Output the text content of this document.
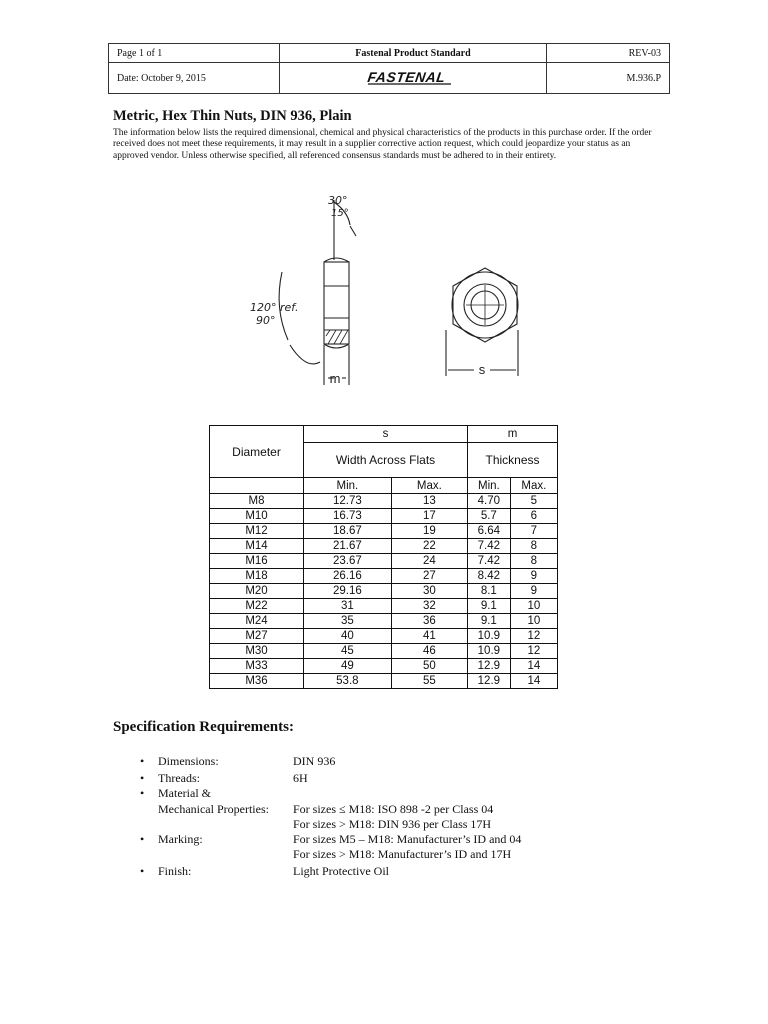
Page 1 of 1	Fastenal Product Standard	REV-03
Date: October 9, 2015	FASTENAL	M.936.P
Metric, Hex Thin Nuts, DIN 936, Plain

The information below lists the required dimensional, chemical and physical characteristics of the products in this purchase order. If the order received does not meet these requirements, it may result in a supplier corrective action request, which could jeopardize your status as an approved vendor. Unless otherwise specified, all referenced consensus standards must be adhered to in their entirety.

30°
15°
120° ref.
90°
m
s
Diameter	s		m	
	Width Across Flats		Thickness	
	Min.	Max.	Min.	Max.
M8	12.73	13	4.70	5
M10	16.73	17	5.7	6
M12	18.67	19	6.64	7
M14	21.67	22	7.42	8
M16	23.67	24	7.42	8
M18	26.16	27	8.42	9
M20	29.16	30	8.1	9
M22	31	32	9.1	10
M24	35	36	9.1	10
M27	40	41	10.9	12
M30	45	46	10.9	12
M33	49	50	12.9	14
M36	53.8	55	12.9	14
Specification Requirements:
•	Dimensions:	DIN 936
•	Threads:	6H
•	Material &
Mechanical Properties:	For sizes ≤ M18: ISO 898 -2 per Class 04
For sizes > M18: DIN 936 per Class 17H
•	Marking:	For sizes M5 – M18: Manufacturer’s ID and 04
For sizes > M18: Manufacturer’s ID and 17H
•	Finish:	Light Protective Oil
